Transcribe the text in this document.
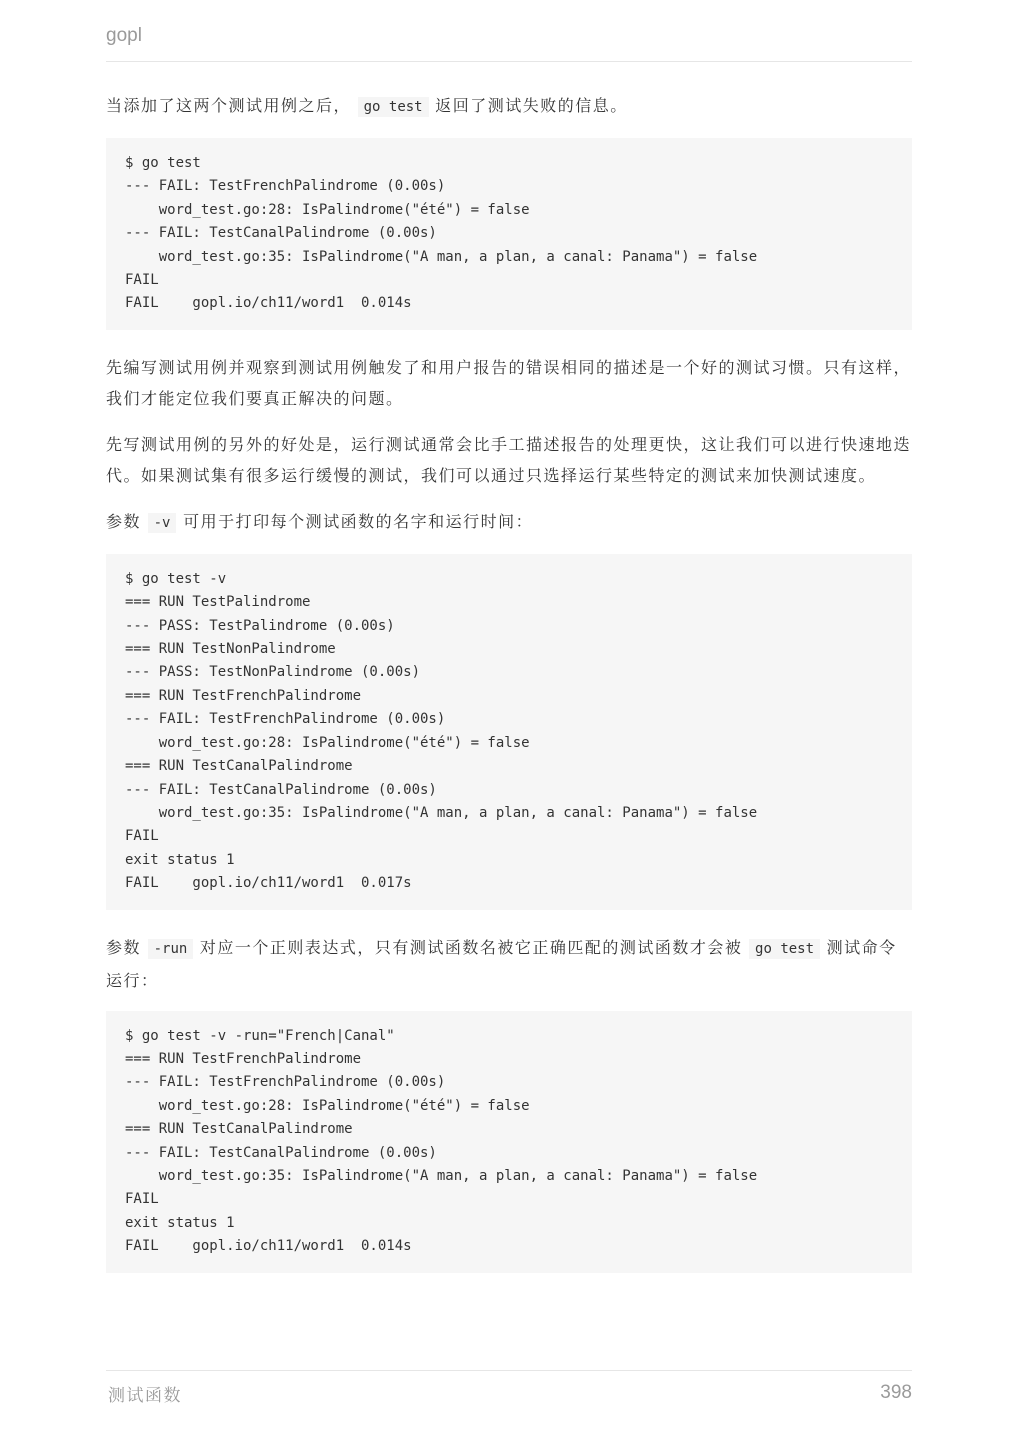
gopl

当添加了这两个测试用例之后， go test 返回了测试失败的信息。

$ go test
--- FAIL: TestFrenchPalindrome (0.00s)
word_test.go:28: IsPalindrome("été") = false
--- FAIL: TestCanalPalindrome (0.00s)
word_test.go:35: IsPalindrome("A man, a plan, a canal: Panama") = false
FAIL
FAIL    gopl.io/ch11/word1  0.014s

先编写测试用例并观察到测试用例触发了和用户报告的错误相同的描述是一个好的测试习惯。只有这样，我们才能定位我们要真正解决的问题。

先写测试用例的另外的好处是，运行测试通常会比手工描述报告的处理更快，这让我们可以进行快速地迭代。如果测试集有很多运行缓慢的测试，我们可以通过只选择运行某些特定的测试来加快测试速度。

参数 -v 可用于打印每个测试函数的名字和运行时间：

$ go test -v
=== RUN TestPalindrome
--- PASS: TestPalindrome (0.00s)
=== RUN TestNonPalindrome
--- PASS: TestNonPalindrome (0.00s)
=== RUN TestFrenchPalindrome
--- FAIL: TestFrenchPalindrome (0.00s)
word_test.go:28: IsPalindrome("été") = false
=== RUN TestCanalPalindrome
--- FAIL: TestCanalPalindrome (0.00s)
word_test.go:35: IsPalindrome("A man, a plan, a canal: Panama") = false
FAIL
exit status 1
FAIL    gopl.io/ch11/word1  0.017s

参数 -run 对应一个正则表达式，只有测试函数名被它正确匹配的测试函数才会被 go test 测试命令运行：

$ go test -v -run="French|Canal"
=== RUN TestFrenchPalindrome
--- FAIL: TestFrenchPalindrome (0.00s)
word_test.go:28: IsPalindrome("été") = false
=== RUN TestCanalPalindrome
--- FAIL: TestCanalPalindrome (0.00s)
word_test.go:35: IsPalindrome("A man, a plan, a canal: Panama") = false
FAIL
exit status 1
FAIL    gopl.io/ch11/word1  0.014s
测试函数	398
